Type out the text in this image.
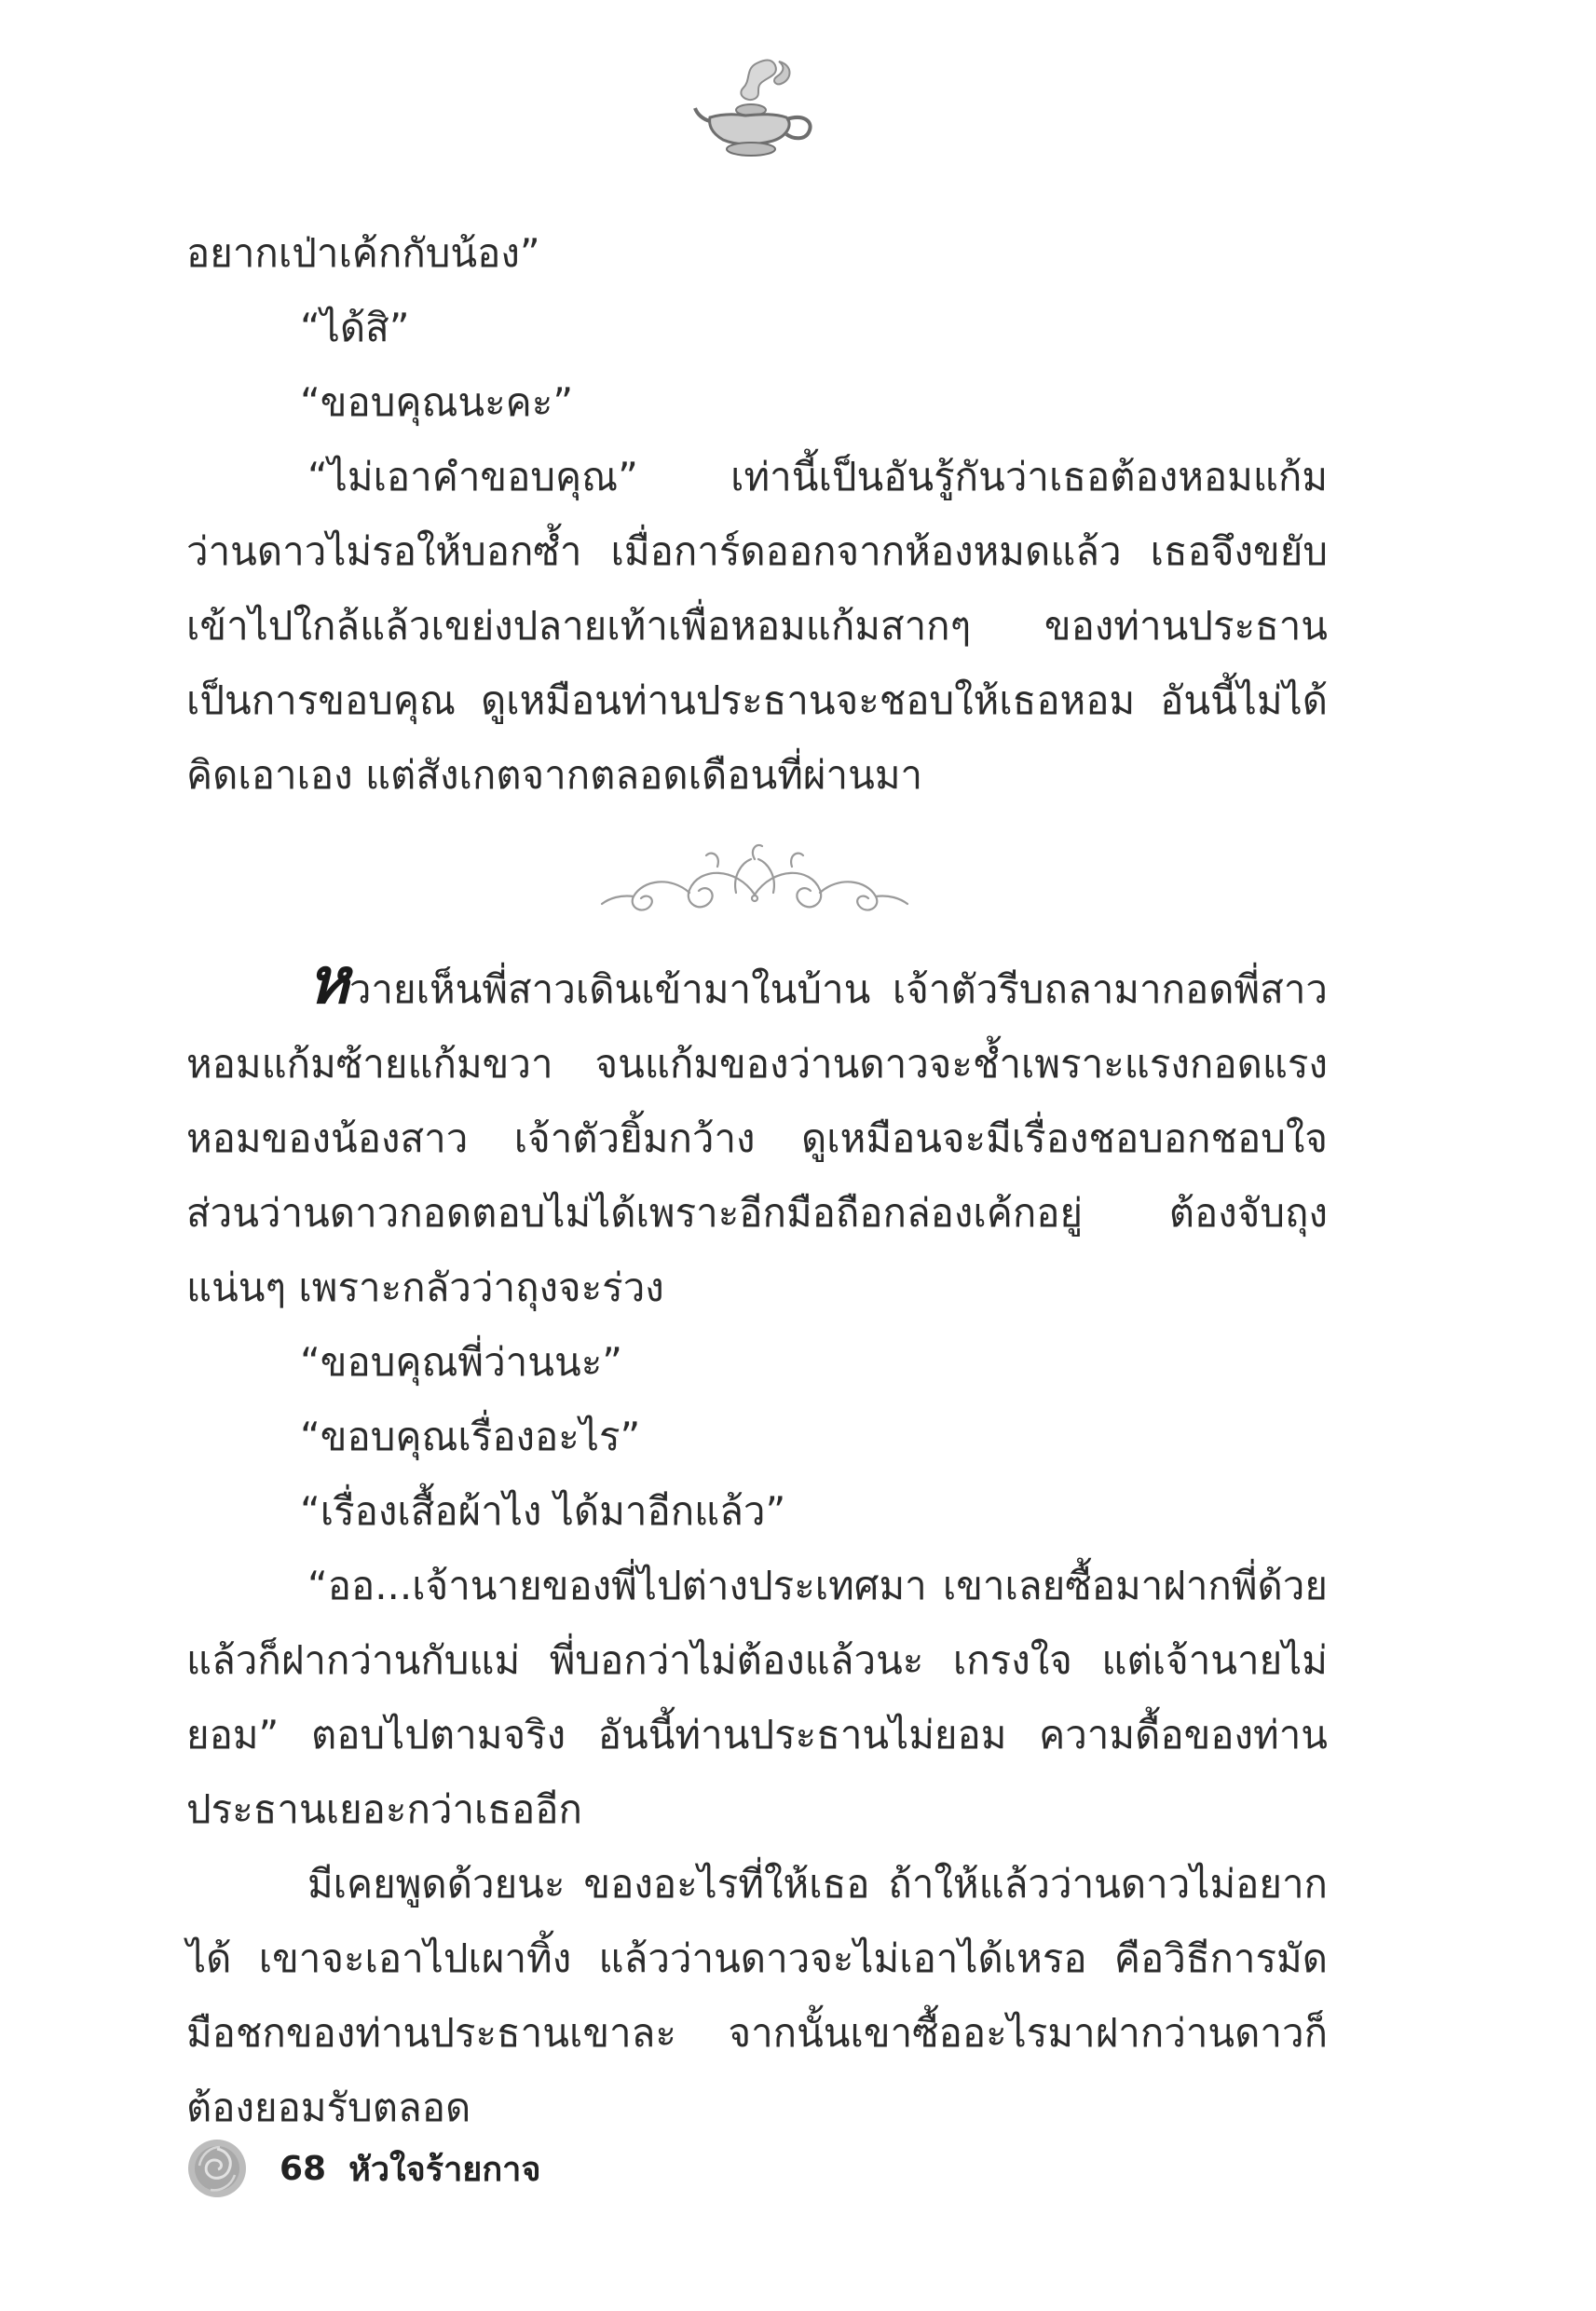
อยากเป่าเค้กกับน้อง”
“ได้สิ”
“ขอบคุณนะคะ”
“ไม่เอาคำขอบคุณ” เท่านี้เป็นอันรู้กันว่าเธอต้องหอมแก้ม ว่านดาวไม่รอให้บอกซ้ำ เมื่อการ์ดออกจากห้องหมดแล้ว เธอจึงขยับเข้าไปใกล้แล้วเขย่งปลายเท้าเพื่อหอมแก้มสากๆ ของท่านประธานเป็นการขอบคุณ ดูเหมือนท่านประธานจะชอบให้เธอหอม อันนี้ไม่ได้คิดเอาเอง แต่สังเกตจากตลอดเดือนที่ผ่านมา
หวายเห็นพี่สาวเดินเข้ามาในบ้าน เจ้าตัวรีบถลามากอดพี่สาว หอมแก้มซ้ายแก้มขวา จนแก้มของว่านดาวจะช้ำเพราะแรงกอดแรงหอมของน้องสาว เจ้าตัวยิ้มกว้าง ดูเหมือนจะมีเรื่องชอบอกชอบใจ ส่วนว่านดาวกอดตอบไม่ได้เพราะอีกมือถือกล่องเค้กอยู่ ต้องจับถุงแน่นๆ เพราะกลัวว่าถุงจะร่วง
“ขอบคุณพี่ว่านนะ”
“ขอบคุณเรื่องอะไร”
“เรื่องเสื้อผ้าไง ได้มาอีกแล้ว”
“ออ...เจ้านายของพี่ไปต่างประเทศมา เขาเลยซื้อมาฝากพี่ด้วย แล้วก็ฝากว่านกับแม่ พี่บอกว่าไม่ต้องแล้วนะ เกรงใจ แต่เจ้านายไม่ยอม” ตอบไปตามจริง อันนี้ท่านประธานไม่ยอม ความดื้อของท่านประธานเยอะกว่าเธออีก
มีเคยพูดด้วยนะ ของอะไรที่ให้เธอ ถ้าให้แล้วว่านดาวไม่อยากได้ เขาจะเอาไปเผาทิ้ง แล้วว่านดาวจะไม่เอาได้เหรอ คือวิธีการมัดมือชกของท่านประธานเขาละ จากนั้นเขาซื้ออะไรมาฝากว่านดาวก็ต้องยอมรับตลอด
68 หัวใจร้ายกาจ
